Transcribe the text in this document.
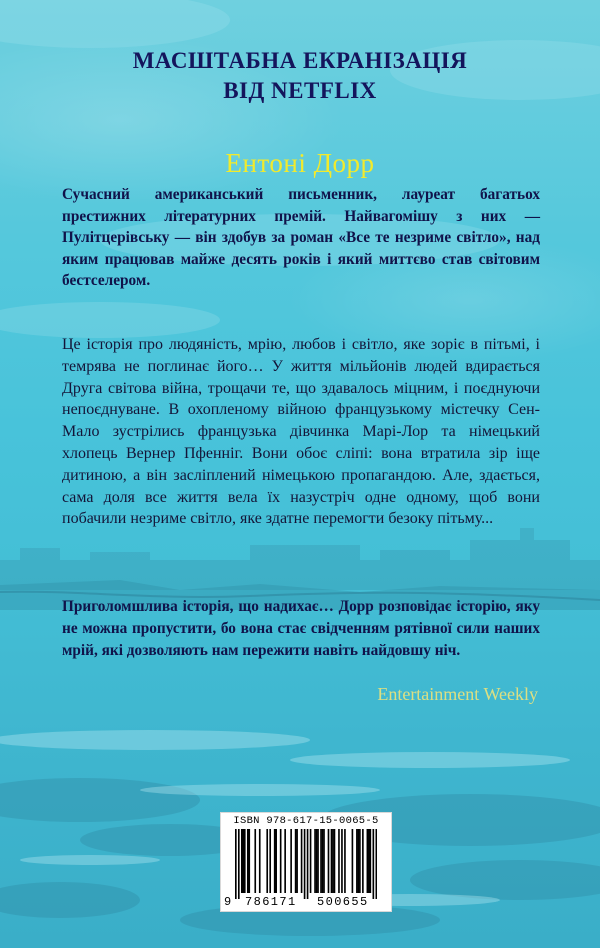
МАСШТАБНА ЕКРАНІЗАЦІЯ
ВІД NETFLIX
Ентоні Дорр
Сучасний американський письменник, лауреат багатьох престижних літературних премій. Найвагомішу з них — Пулітцерівську — він здобув за роман «Все те незриме світло», над яким працював майже десять років і який миттєво став світовим бестселером.
Це історія про людяність, мрію, любов і світло, яке зоріє в пітьмі, і темрява не поглинає його… У життя мільйонів людей вдирається Друга світова війна, трощачи те, що здавалось міцним, і поєднуючи непоєднуване. В охопленому війною французькому містечку Сен-Мало зустрілись французька дівчинка Марі-Лор та німецький хлопець Вернер Пфенніг. Вони обоє сліпі: вона втратила зір іще дитиною, а він засліплений німецькою пропагандою. Але, здається, сама доля все життя вела їх назустріч одне одному, щоб вони побачили незриме світло, яке здатне перемогти безоку пітьму...
Приголомшлива історія, що надихає… Дорр розповідає історію, яку не можна пропустити, бо вона стає свідченням рятівної сили наших мрій, які дозволяють нам пережити навіть найдовшу ніч.
Entertainment Weekly
ISBN 978-617-15-0065-5
9 786171 500655
